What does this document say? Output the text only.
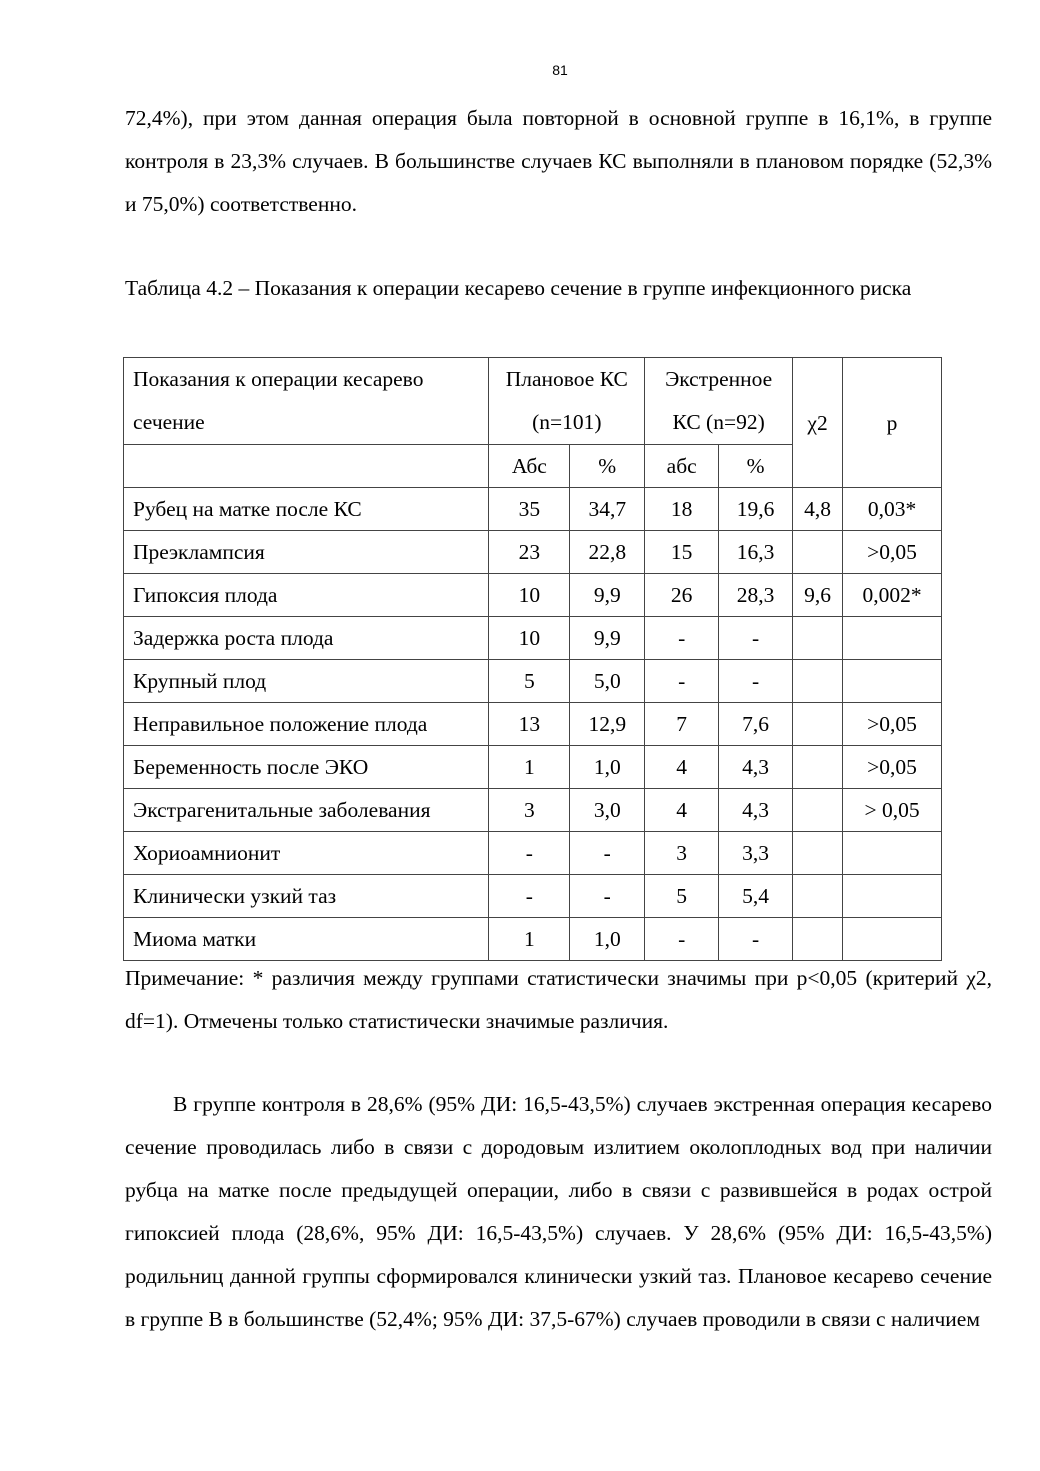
81
72,4%), при этом данная операция была повторной в основной группе в 16,1%, в группе контроля в 23,3% случаев. В большинстве случаев КС выполняли в плановом порядке (52,3% и 75,0%) соответственно.
Таблица 4.2 – Показания к операции кесарево сечение в группе инфекционного риска
Показания к операции кесарево сечение	Плановое КС (n=101)		Экстренное КС (n=92)		χ2	р

	Абс	%	абс	%		
Рубец на матке после КС	35	34,7	18	19,6	4,8	0,03*
Преэклампсия	23	22,8	15	16,3		>0,05
Гипоксия плода	10	9,9	26	28,3	9,6	0,002*
Задержка роста плода	10	9,9	-	-		
Крупный плод	5	5,0	-	-		
Неправильное положение плода	13	12,9	7	7,6		>0,05
Беременность после ЭКО	1	1,0	4	4,3		>0,05
Экстрагенитальные заболевания	3	3,0	4	4,3		> 0,05
Хориоамнионит	-	-	3	3,3		
Клинически узкий таз	-	-	5	5,4		
Миома матки	1	1,0	-	-		
Примечание: * различия между группами статистически значимы при р<0,05 (критерий χ2, df=1). Отмечены только статистически значимые различия.
В группе контроля в 28,6% (95% ДИ: 16,5-43,5%) случаев экстренная операция кесарево сечение проводилась либо в связи с дородовым излитием околоплодных вод при наличии рубца на матке после предыдущей операции, либо в связи с развившейся в родах острой гипоксией плода (28,6%, 95% ДИ: 16,5-43,5%) случаев. У 28,6% (95% ДИ: 16,5-43,5%) родильниц данной группы сформировался клинически узкий таз. Плановое кесарево сечение в группе В в большинстве (52,4%; 95% ДИ: 37,5-67%) случаев проводили в связи с наличием
